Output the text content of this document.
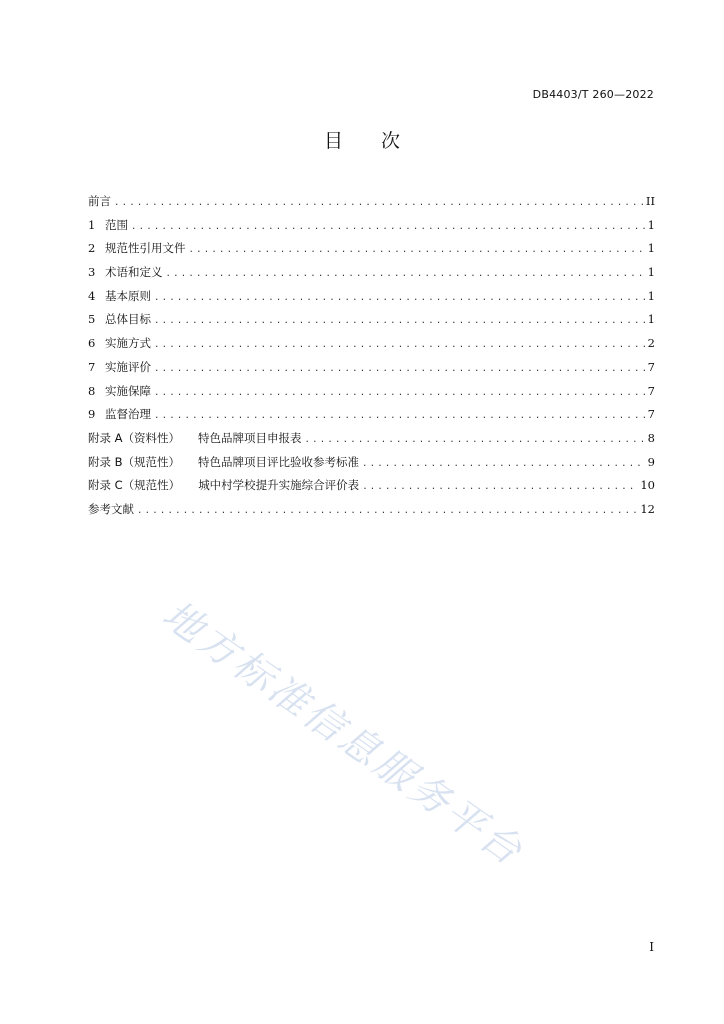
DB4403/T 260—2022
目 次
前言 .....	II
1 范围 .....	1
2 规范性引用文件 .....	1
3 术语和定义 .....	1
4 基本原则 .....	1
5 总体目标 .....	1
6 实施方式 .....	2
7 实施评价 .....	7
8 实施保障 .....	7
9 监督治理 .....	7
附录 A（资料性） 特色品牌项目申报表 .....	8
附录 B（规范性） 特色品牌项目评比验收参考标准 .....	9
附录 C（规范性） 城中村学校提升实施综合评价表 .....	10
参考文献 .....	12
地方标准信息服务平台
I
